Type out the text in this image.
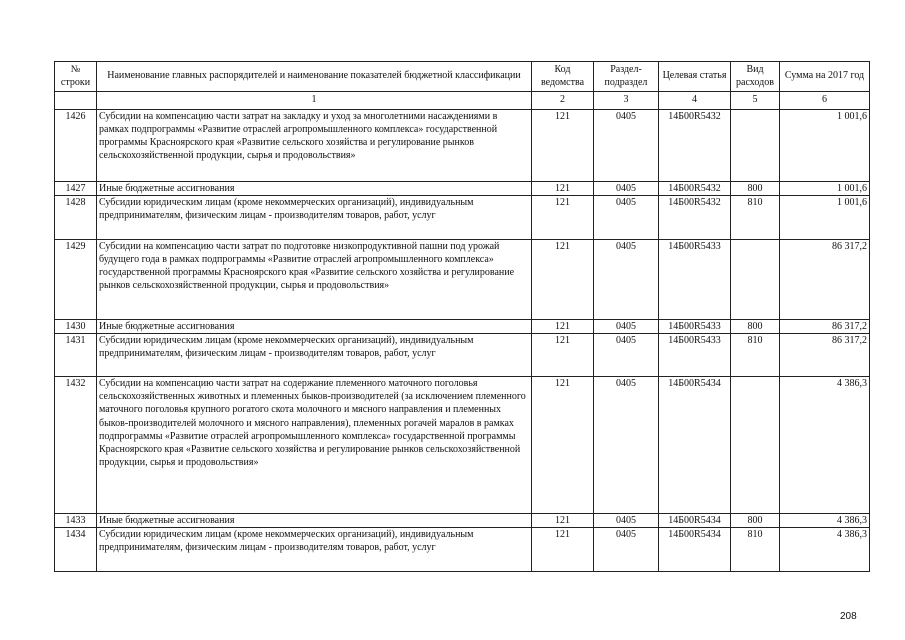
№ строки	Наименование главных распорядителей и наименование показателей бюджетной классификации	Код ведомства	Раздел-подраздел	Целевая статья	Вид расходов	Сумма на 2017 год
	1	2	3	4	5	6
1426	Субсидии на компенсацию части затрат на закладку и уход за многолетними насаждениями в рамках подпрограммы «Развитие отраслей агропромышленного комплекса» государственной программы Красноярского края «Развитие сельского хозяйства и регулирование рынков сельскохозяйственной продукции, сырья и продовольствия»	121	0405	14Б00R5432		1 001,6
1427	Иные бюджетные ассигнования	121	0405	14Б00R5432	800	1 001,6
1428	Субсидии юридическим лицам (кроме некоммерческих организаций), индивидуальным предпринимателям, физическим лицам - производителям товаров, работ, услуг	121	0405	14Б00R5432	810	1 001,6
1429	Субсидии на компенсацию части затрат по подготовке низкопродуктивной пашни под урожай будущего года в рамках подпрограммы «Развитие отраслей агропромышленного комплекса» государственной программы Красноярского края «Развитие сельского хозяйства и регулирование рынков сельскохозяйственной продукции, сырья и продовольствия»	121	0405	14Б00R5433		86 317,2
1430	Иные бюджетные ассигнования	121	0405	14Б00R5433	800	86 317,2
1431	Субсидии юридическим лицам (кроме некоммерческих организаций), индивидуальным предпринимателям, физическим лицам - производителям товаров, работ, услуг	121	0405	14Б00R5433	810	86 317,2
1432	Субсидии на компенсацию части затрат на содержание племенного маточного поголовья сельскохозяйственных животных и племенных быков-производителей (за исключением племенного маточного поголовья крупного рогатого скота молочного и мясного направления и племенных быков-производителей молочного и мясного направления), племенных рогачей маралов в рамках подпрограммы «Развитие отраслей агропромышленного комплекса» государственной программы Красноярского края «Развитие сельского хозяйства и регулирование рынков сельскохозяйственной продукции, сырья и продовольствия»	121	0405	14Б00R5434		4 386,3
1433	Иные бюджетные ассигнования	121	0405	14Б00R5434	800	4 386,3
1434	Субсидии юридическим лицам (кроме некоммерческих организаций), индивидуальным предпринимателям, физическим лицам - производителям товаров, работ, услуг	121	0405	14Б00R5434	810	4 386,3
208
